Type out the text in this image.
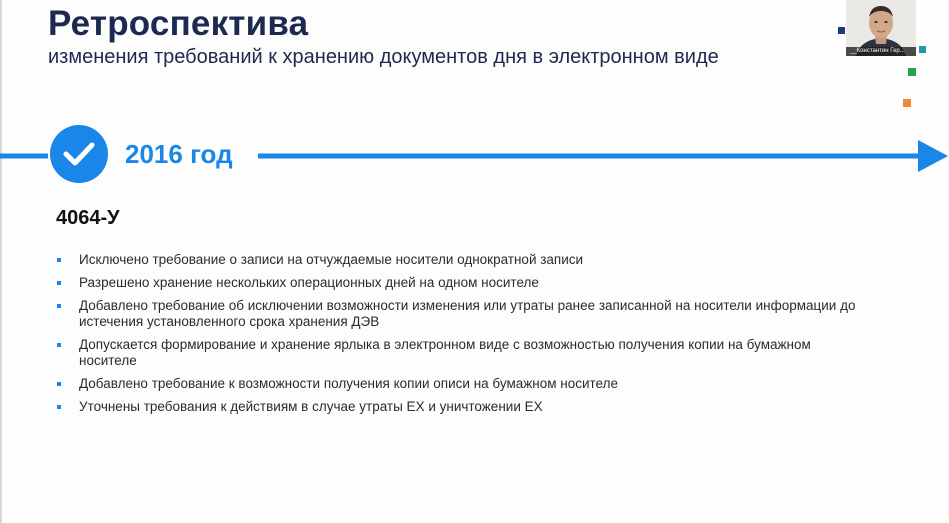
Ретроспектива

изменения требований к хранению документов дня в электронном виде	__Константин Гер...
2016 год
4064-У
Исключено требование о записи на отчуждаемые носители однократной записи
Разрешено хранение нескольких операционных дней на одном носителе
Добавлено требование об исключении возможности изменения или утраты ранее записанной на носители информации до истечения установленного срока хранения ДЭВ
Допускается формирование и хранение ярлыка в электронном виде с возможностью получения копии на бумажном носителе
Добавлено требование к возможности получения копии описи на бумажном носителе
Уточнены требования к действиям в случае утраты ЕХ и уничтожении ЕХ
